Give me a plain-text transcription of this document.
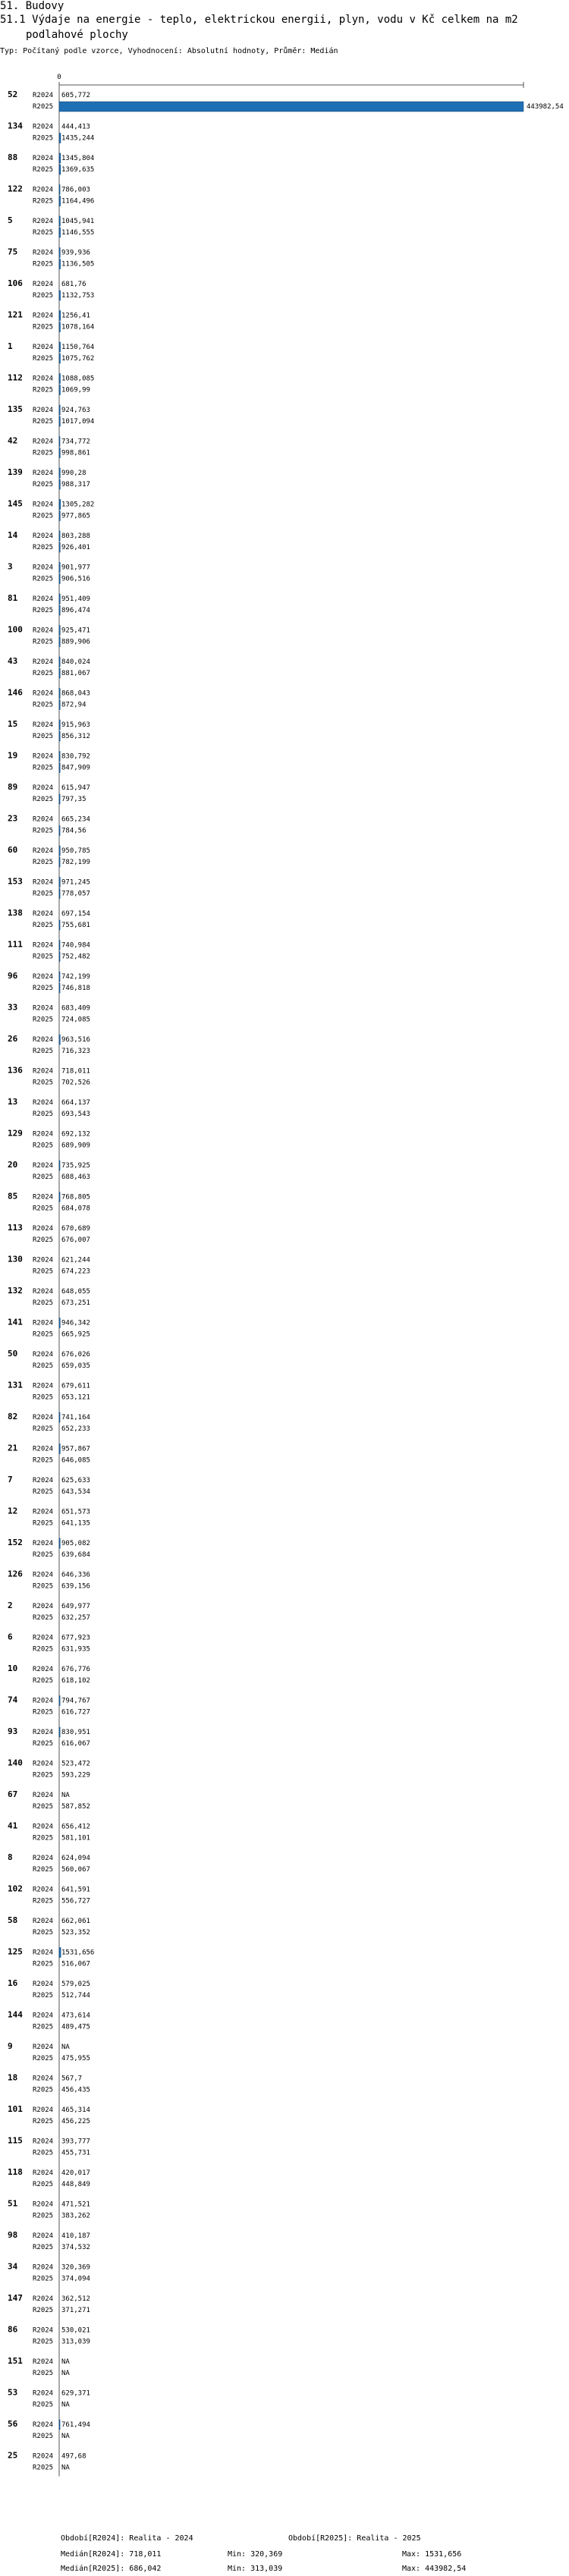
51. Budovy
51.1 Výdaje na energie - teplo, elektrickou energii, plyn, vodu v Kč celkem na m2
podlahové plochy
Typ: Počítaný podle vzorce, Vyhodnocení: Absolutní hodnoty, Průměr: Medián
0
52 R2024 605,772
R2025	443982,54
134 R2024 444,413
R2025 1435,244
88 R2024 1345,804
R2025 1369,635
122 R2024 786,003
R2025 1164,496
5	R2024 1045,941
R2025 1146,555
75 R2024 939,936
R2025 1136,505
106 R2024 681,76
R2025 1132,753
121 R2024 1256,41
R2025 1078,164
1	R2024 1150,764
R2025 1075,762
112 R2024 1088,085
R2025 1069,99
135 R2024 924,763
R2025 1017,094
42 R2024 734,772
R2025 998,861
139 R2024 990,28
R2025 988,317
145 R2024 1305,282
R2025 977,865
14 R2024 803,288
R2025 926,401
3	R2024 901,977
R2025 906,516
81 R2024 951,409
R2025 896,474
100 R2024 925,471
R2025 889,906
43 R2024 840,024
R2025 881,067
146 R2024 868,043
R2025 872,94
15 R2024 915,963
R2025 856,312
19 R2024 830,792
R2025 847,909
89 R2024 615,947
R2025 797,35
23 R2024 665,234
R2025 784,56
60 R2024 950,785
R2025 782,199
153 R2024 971,245
R2025 778,057
138 R2024 697,154
R2025 755,681
111 R2024 740,984
R2025 752,482
96 R2024 742,199
R2025 746,818
33 R2024 683,409
R2025 724,085
26 R2024 963,516
R2025 716,323
136 R2024 718,011
R2025 702,526
13 R2024 664,137
R2025 693,543
129 R2024 692,132
R2025 689,909
20 R2024 735,925
R2025 688,463
85 R2024 768,805
R2025 684,078
113 R2024 670,689
R2025 676,007
130 R2024 621,244
R2025 674,223
132 R2024 648,055
R2025 673,251
141 R2024 946,342
R2025 665,925
50 R2024 676,026
R2025 659,035
131 R2024 679,611
R2025 653,121
82 R2024 741,164
R2025 652,233
21 R2024 957,867
R2025 646,085
7	R2024 625,633
R2025 643,534
12 R2024 651,573
R2025 641,135
152 R2024 905,082
R2025 639,684
126 R2024 646,336
R2025 639,156
2	R2024 649,977
R2025 632,257
6	R2024 677,923
R2025 631,935
10 R2024 676,776
R2025 618,102
74 R2024 794,767
R2025 616,727
93 R2024 830,951
R2025 616,067
140 R2024 523,472
R2025 593,229
67 R2024 NA
R2025 587,852
41 R2024 656,412
R2025 581,101
8	R2024 624,094
R2025 560,067
102 R2024 641,591
R2025 556,727
58 R2024 662,061
R2025 523,352
125 R2024 1531,656
R2025 516,067
16 R2024 579,025
R2025 512,744
144 R2024 473,614
R2025 489,475
9	R2024 NA
R2025 475,955
18 R2024 567,7
R2025 456,435
101 R2024 465,314
R2025 456,225
115 R2024 393,777
R2025 455,731
118 R2024 420,017
R2025 448,849
51 R2024 471,521
R2025 383,262
98 R2024 410,187
R2025 374,532
34 R2024 320,369
R2025 374,094
147 R2024 362,512
R2025 371,271
86 R2024 530,021
R2025 313,039
151 R2024 NA
R2025 NA
53 R2024 629,371
R2025 NA
56 R2024 761,494
R2025 NA
25 R2024 497,68
R2025 NA
Období[R2024]: Realita - 2024	Období[R2025]: Realita - 2025
Medián[R2024]: 718,011
Medián[R2025]: 686,042
Min: 320,369
Min: 313,039
Max: 1531,656
Max: 443982,54
